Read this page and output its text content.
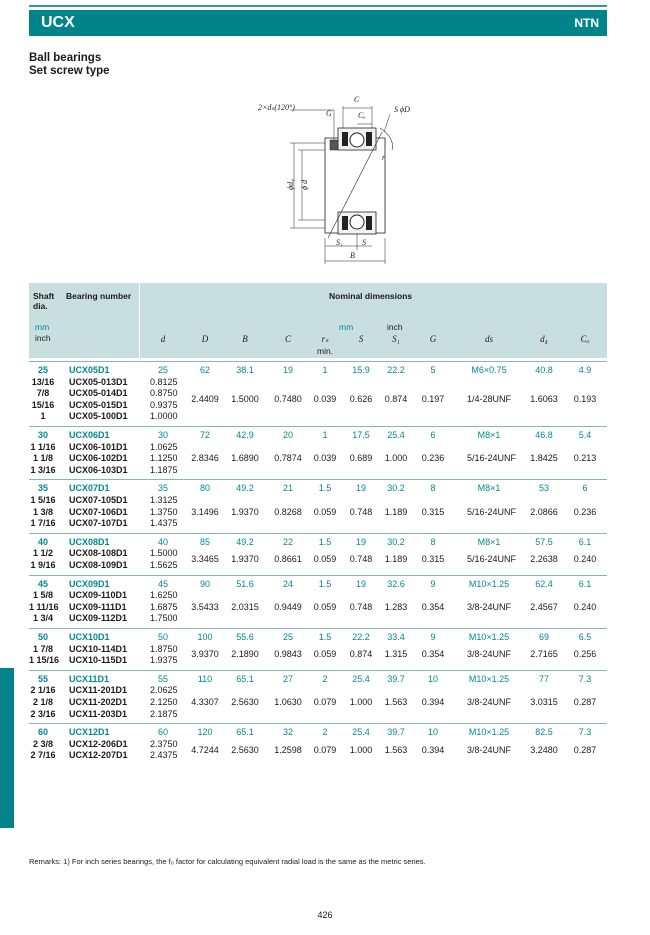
UCX	NTN
Ball bearings
Set screw type
2×dₛ(120°)
G
C
Cₐ
S ϕD
r
ϕd₄ ϕ d
S₁ S
B
Shaft dia.
Bearing number	Nominal dimensions
mm
inch
mm	inch
d	D	B	C	rₛ	S	S₁	G	ds	d₄	Cₐ
min.
25	UCX05D1	25	62	38.1	19	1	15.9	22.2	5	M6×0.75	40.8	4.9
13/16	UCX05-013D1 0.8125
7/8	UCX05-014D1 0.8750
15/16	UCX05-015D1 0.9375
1	UCX05-100D1 1.0000
2.4409	1.5000	0.7480	0.039	0.626	0.874	0.197	1/4-28UNF	1.6063	0.193
30	UCX06D1	30	72	42.9	20	1	17.5	25.4	6	M8×1	46.8	5.4
1 1/16 UCX06-101D1 1.0625
1 1/8	UCX06-102D1 1.1250
1 3/16 UCX06-103D1 1.1875
2.8346	1.6890	0.7874	0.039	0.689	1.000	0.236	5/16-24UNF	1.8425	0.213
35	UCX07D1	35	80	49.2	21	1.5	19	30.2	8	M8×1	53	6
1 5/16 UCX07-105D1 1.3125
1 3/8	UCX07-106D1 1.3750
1 7/16 UCX07-107D1 1.4375
3.1496	1.9370	0.8268	0.059	0.748	1.189	0.315	5/16-24UNF	2.0866	0.236
40	UCX08D1	40	85	49.2	22	1.5	19	30.2	8	M8×1	57.5	6.1
1 1/2	UCX08-108D1 1.5000
1 9/16 UCX08-109D1 1.5625
3.3465	1.9370	0.8661	0.059	0.748	1.189	0.315	5/16-24UNF	2.2638	0.240
45	UCX09D1	45	90	51.6	24	1.5	19	32.6	9	M10×1.25	62.4	6.1
1 5/8	UCX09-110D1	1.6250
1 11/16 UCX09-111D1	1.6875
1 3/4	UCX09-112D1	1.7500
3.5433	2.0315	0.9449	0.059	0.748	1.283	0.354	3/8-24UNF	2.4567	0.240
50	UCX10D1	50	100	55.6	25	1.5	22.2	33.4	9	M10×1.25	69	6.5
1 7/8	UCX10-114D1	1.8750
1 15/16 UCX10-115D1	1.9375
3.9370	2.1890	0.9843	0.059	0.874	1.315	0.354	3/8-24UNF	2.7165	0.256
55	UCX11D1	55	110	65.1	27	2	25.4	39.7	10	M10×1.25	77	7.3
2 1/16 UCX11-201D1	2.0625
2 1/8	UCX11-202D1	2.1250
2 3/16 UCX11-203D1	2.1875
4.3307	2.5630	1.0630	0.079	1.000	1.563	0.394	3/8-24UNF	3.0315	0.287
60	UCX12D1	60	120	65.1	32	2	25.4	39.7	10	M10×1.25	82.5	7.3
2 3/8	UCX12-206D1 2.3750
2 7/16 UCX12-207D1 2.4375
4.7244	2.5630	1.2598	0.079	1.000	1.563	0.394	3/8-24UNF	3.2480	0.287
Remarks: 1) For inch series bearings, the f₀ factor for calculating equivalent radial load is the same as the metric series.
426
